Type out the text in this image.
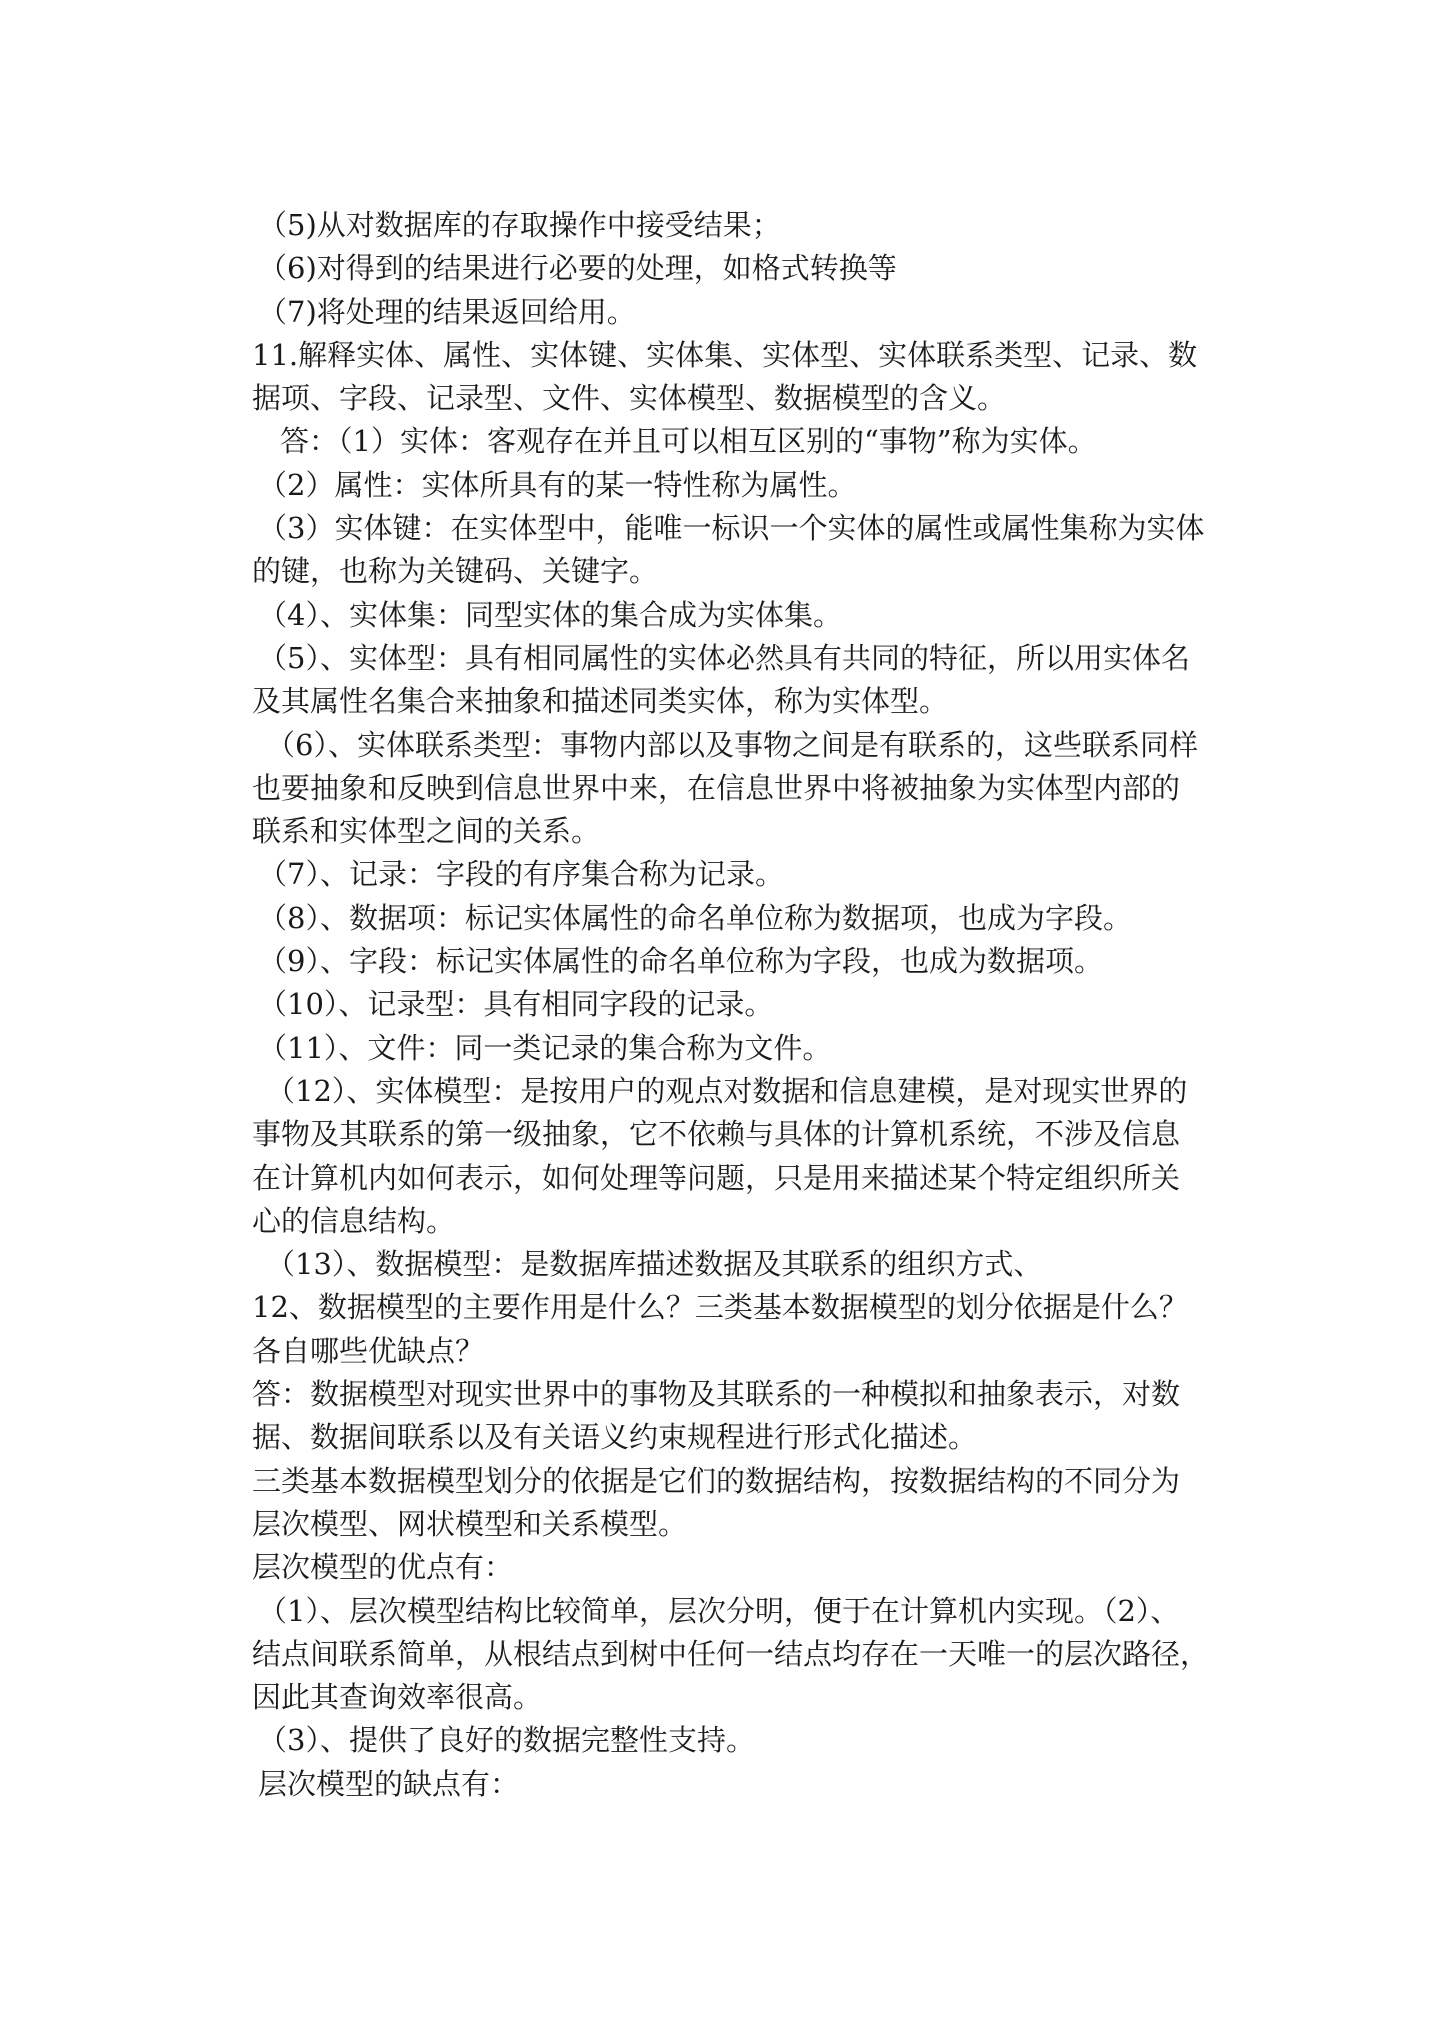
（5)从对数据库的存取操作中接受结果；

（6)对得到的结果进行必要的处理，如格式转换等

（7)将处理的结果返回给用。

11.解释实体、属性、实体键、实体集、实体型、实体联系类型、记录、数

据项、字段、记录型、文件、实体模型、数据模型的含义。

答：（1）实体：客观存在并且可以相互区别的“事物”称为实体。

（2）属性：实体所具有的某一特性称为属性。

（3）实体键：在实体型中，能唯一标识一个实体的属性或属性集称为实体

的键，也称为关键码、关键字。

（4）、实体集：同型实体的集合成为实体集。

（5）、实体型：具有相同属性的实体必然具有共同的特征，所以用实体名

及其属性名集合来抽象和描述同类实体，称为实体型。

（6）、实体联系类型：事物内部以及事物之间是有联系的，这些联系同样

也要抽象和反映到信息世界中来，在信息世界中将被抽象为实体型内部的

联系和实体型之间的关系。

（7）、记录：字段的有序集合称为记录。

（8）、数据项：标记实体属性的命名单位称为数据项，也成为字段。

（9）、字段：标记实体属性的命名单位称为字段，也成为数据项。

（10）、记录型：具有相同字段的记录。

（11）、文件：同一类记录的集合称为文件。

（12）、实体模型：是按用户的观点对数据和信息建模，是对现实世界的

事物及其联系的第一级抽象，它不依赖与具体的计算机系统，不涉及信息

在计算机内如何表示，如何处理等问题，只是用来描述某个特定组织所关

心的信息结构。

（13）、数据模型：是数据库描述数据及其联系的组织方式、

12、数据模型的主要作用是什么？三类基本数据模型的划分依据是什么？

各自哪些优缺点？

答：数据模型对现实世界中的事物及其联系的一种模拟和抽象表示，对数

据、数据间联系以及有关语义约束规程进行形式化描述。

三类基本数据模型划分的依据是它们的数据结构，按数据结构的不同分为

层次模型、网状模型和关系模型。

层次模型的优点有：

（1）、层次模型结构比较简单，层次分明，便于在计算机内实现。（2）、

结点间联系简单，从根结点到树中任何一结点均存在一天唯一的层次路径，

因此其查询效率很高。

（3）、提供了良好的数据完整性支持。

层次模型的缺点有：
